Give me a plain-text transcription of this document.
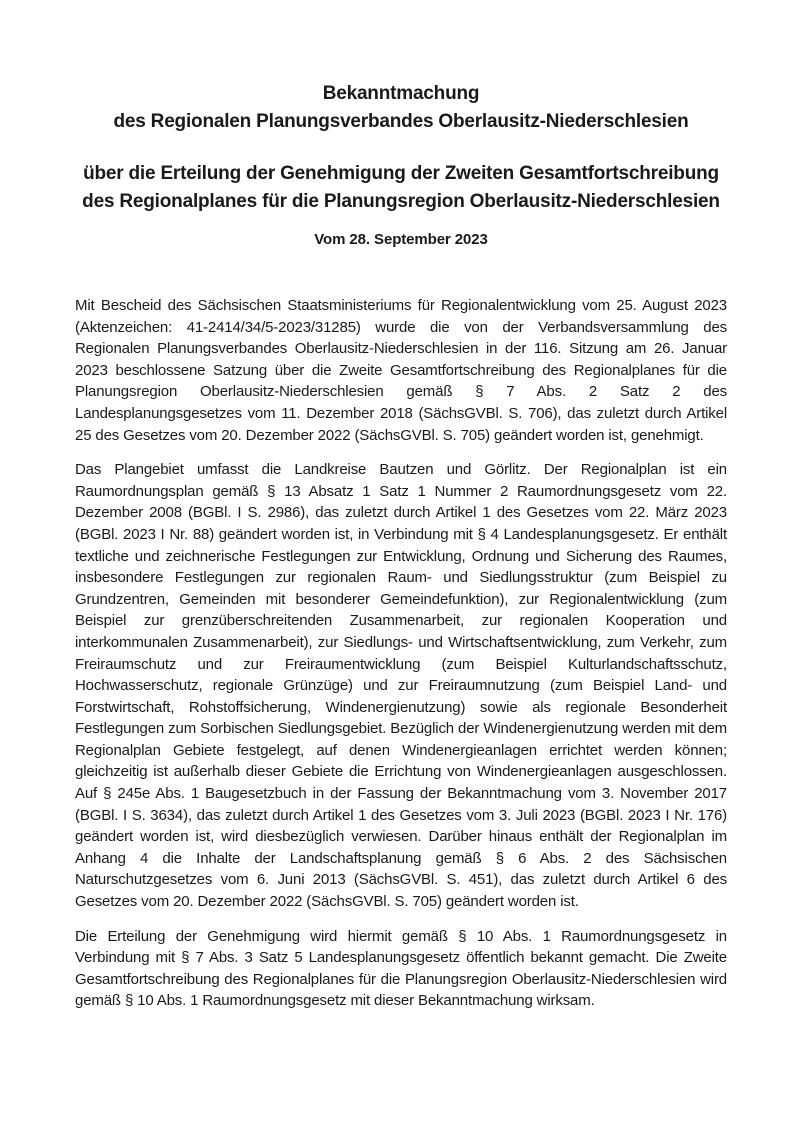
Bekanntmachung
des Regionalen Planungsverbandes Oberlausitz-Niederschlesien
über die Erteilung der Genehmigung der Zweiten Gesamtfortschreibung
des Regionalplanes für die Planungsregion Oberlausitz-Niederschlesien
Vom 28. September 2023

Mit Bescheid des Sächsischen Staatsministeriums für Regionalentwicklung vom 25. August 2023 (Aktenzeichen: 41-2414/34/5-2023/31285) wurde die von der Verbandsversammlung des Regionalen Planungsverbandes Oberlausitz-Niederschlesien in der 116. Sitzung am 26. Januar 2023 beschlossene Satzung über die Zweite Gesamtfortschreibung des Regionalplanes für die Planungsregion Oberlausitz-Niederschlesien gemäß § 7 Abs. 2 Satz 2 des Landesplanungsgesetzes vom 11. Dezember 2018 (SächsGVBl. S. 706), das zuletzt durch Artikel 25 des Gesetzes vom 20. Dezember 2022 (SächsGVBl. S. 705) geändert worden ist, genehmigt.

Das Plangebiet umfasst die Landkreise Bautzen und Görlitz. Der Regionalplan ist ein Raumordnungsplan gemäß § 13 Absatz 1 Satz 1 Nummer 2 Raumordnungsgesetz vom 22. Dezember 2008 (BGBl. I S. 2986), das zuletzt durch Artikel 1 des Gesetzes vom 22. März 2023 (BGBl. 2023 I Nr. 88) geändert worden ist, in Verbindung mit § 4 Landesplanungsgesetz. Er enthält textliche und zeichnerische Festlegungen zur Entwicklung, Ordnung und Sicherung des Raumes, insbesondere Festlegungen zur regionalen Raum- und Siedlungsstruktur (zum Beispiel zu Grundzentren, Gemeinden mit besonderer Gemeindefunktion), zur Regionalentwicklung (zum Beispiel zur grenzüberschreitenden Zusammenarbeit, zur regionalen Kooperation und interkommunalen Zusammenarbeit), zur Siedlungs- und Wirtschaftsentwicklung, zum Verkehr, zum Freiraumschutz und zur Freiraumentwicklung (zum Beispiel Kulturlandschaftsschutz, Hochwasserschutz, regionale Grünzüge) und zur Freiraumnutzung (zum Beispiel Land- und Forstwirtschaft, Rohstoffsicherung, Windenergienutzung) sowie als regionale Besonderheit Festlegungen zum Sorbischen Siedlungsgebiet. Bezüglich der Windenergienutzung werden mit dem Regionalplan Gebiete festgelegt, auf denen Windenergieanlagen errichtet werden können; gleichzeitig ist außerhalb dieser Gebiete die Errichtung von Windenergieanlagen ausgeschlossen. Auf § 245e Abs. 1 Baugesetzbuch in der Fassung der Bekanntmachung vom 3. November 2017 (BGBl. I S. 3634), das zuletzt durch Artikel 1 des Gesetzes vom 3. Juli 2023 (BGBl. 2023 I Nr. 176) geändert worden ist, wird diesbezüglich verwiesen. Darüber hinaus enthält der Regionalplan im Anhang 4 die Inhalte der Landschaftsplanung gemäß § 6 Abs. 2 des Sächsischen Naturschutzgesetzes vom 6. Juni 2013 (SächsGVBl. S. 451), das zuletzt durch Artikel 6 des Gesetzes vom 20. Dezember 2022 (SächsGVBl. S. 705) geändert worden ist.

Die Erteilung der Genehmigung wird hiermit gemäß § 10 Abs. 1 Raumordnungsgesetz in Verbindung mit § 7 Abs. 3 Satz 5 Landesplanungsgesetz öffentlich bekannt gemacht. Die Zweite Gesamtfortschreibung des Regionalplanes für die Planungsregion Oberlausitz-Niederschlesien wird gemäß § 10 Abs. 1 Raumordnungsgesetz mit dieser Bekanntmachung wirksam.
